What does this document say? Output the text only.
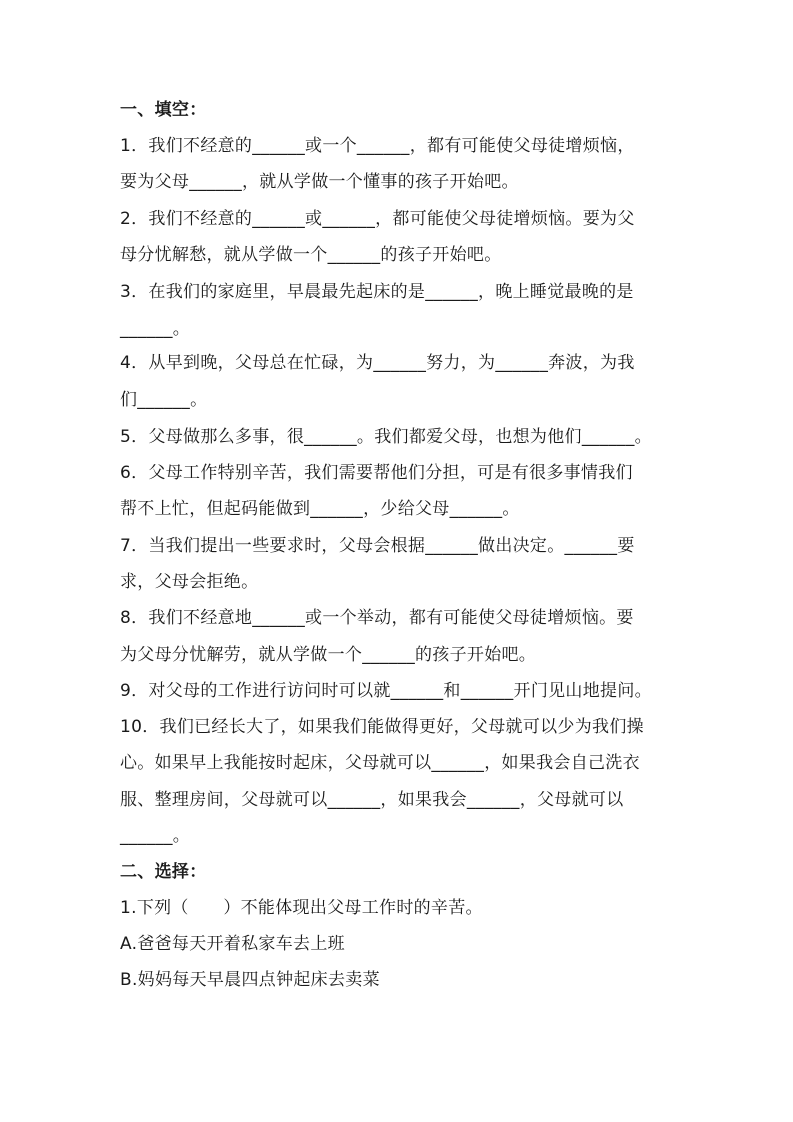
一、填空：
1．我们不经意的______或一个______，都有可能使父母徒增烦恼，
要为父母______，就从学做一个懂事的孩子开始吧。
2．我们不经意的______或______，都可能使父母徒增烦恼。要为父
母分忧解愁，就从学做一个______的孩子开始吧。
3．在我们的家庭里，早晨最先起床的是______，晚上睡觉最晚的是
______。
4．从早到晚，父母总在忙碌，为______努力，为______奔波，为我
们______。
5．父母做那么多事，很______。我们都爱父母，也想为他们______。
6．父母工作特别辛苦，我们需要帮他们分担，可是有很多事情我们
帮不上忙，但起码能做到______，少给父母______。
7．当我们提出一些要求时，父母会根据______做出决定。______要
求，父母会拒绝。
8．我们不经意地______或一个举动，都有可能使父母徒增烦恼。要
为父母分忧解劳，就从学做一个______的孩子开始吧。
9．对父母的工作进行访问时可以就______和______开门见山地提问。
10．我们已经长大了，如果我们能做得更好，父母就可以少为我们操
心。如果早上我能按时起床，父母就可以______，如果我会自己洗衣
服、整理房间，父母就可以______，如果我会______，父母就可以
______。
二、选择：
1.下列（　　）不能体现出父母工作时的辛苦。
A.爸爸每天开着私家车去上班
B.妈妈每天早晨四点钟起床去卖菜
